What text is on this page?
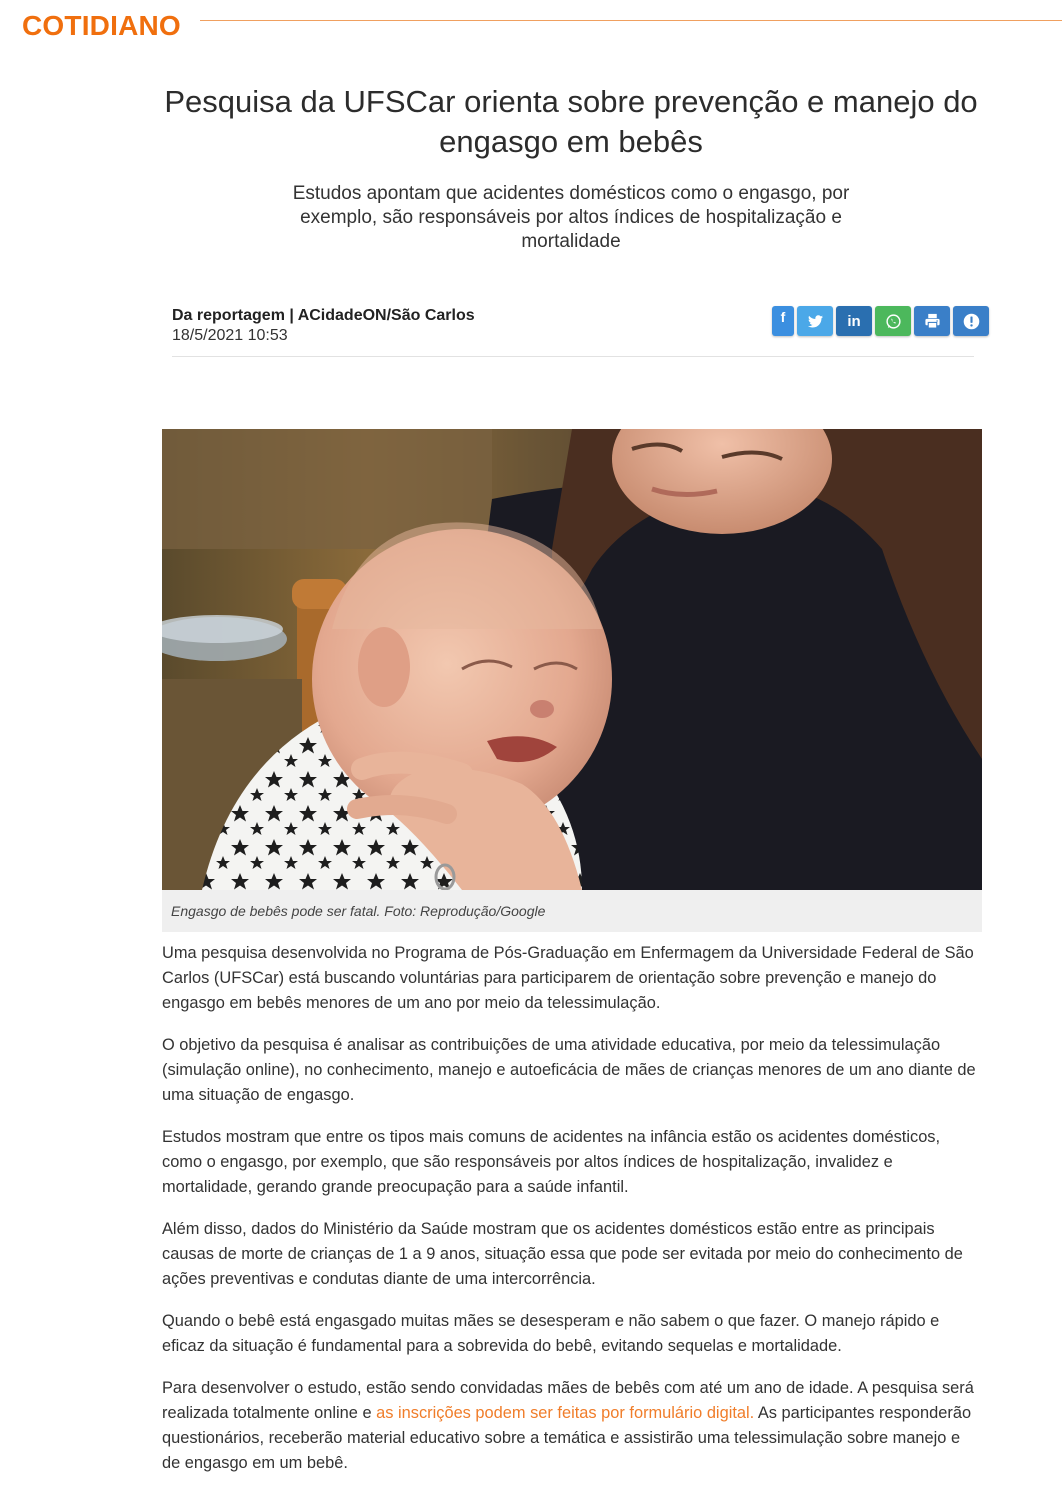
COTIDIANO
Pesquisa da UFSCar orienta sobre prevenção e manejo do engasgo em bebês

Estudos apontam que acidentes domésticos como o engasgo, por exemplo, são responsáveis por altos índices de hospitalização e mortalidade

Da reportagem | ACidadeON/São Carlos
18/5/2021 10:53
f	in
Engasgo de bebês pode ser fatal. Foto: Reprodução/Google

Uma pesquisa desenvolvida no Programa de Pós-Graduação em Enfermagem da Universidade Federal de São Carlos (UFSCar) está buscando voluntárias para participarem de orientação sobre prevenção e manejo do engasgo em bebês menores de um ano por meio da telessimulação.

O objetivo da pesquisa é analisar as contribuições de uma atividade educativa, por meio da telessimulação (simulação online), no conhecimento, manejo e autoeficácia de mães de crianças menores de um ano diante de uma situação de engasgo.

Estudos mostram que entre os tipos mais comuns de acidentes na infância estão os acidentes domésticos, como o engasgo, por exemplo, que são responsáveis por altos índices de hospitalização, invalidez e mortalidade, gerando grande preocupação para a saúde infantil.

Além disso, dados do Ministério da Saúde mostram que os acidentes domésticos estão entre as principais causas de morte de crianças de 1 a 9 anos, situação essa que pode ser evitada por meio do conhecimento de ações preventivas e condutas diante de uma intercorrência.

Quando o bebê está engasgado muitas mães se desesperam e não sabem o que fazer. O manejo rápido e eficaz da situação é fundamental para a sobrevida do bebê, evitando sequelas e mortalidade.

Para desenvolver o estudo, estão sendo convidadas mães de bebês com até um ano de idade. A pesquisa será realizada totalmente online e as inscrições podem ser feitas por formulário digital. As participantes responderão questionários, receberão material educativo sobre a temática e assistirão uma telessimulação sobre manejo e de engasgo em um bebê.
